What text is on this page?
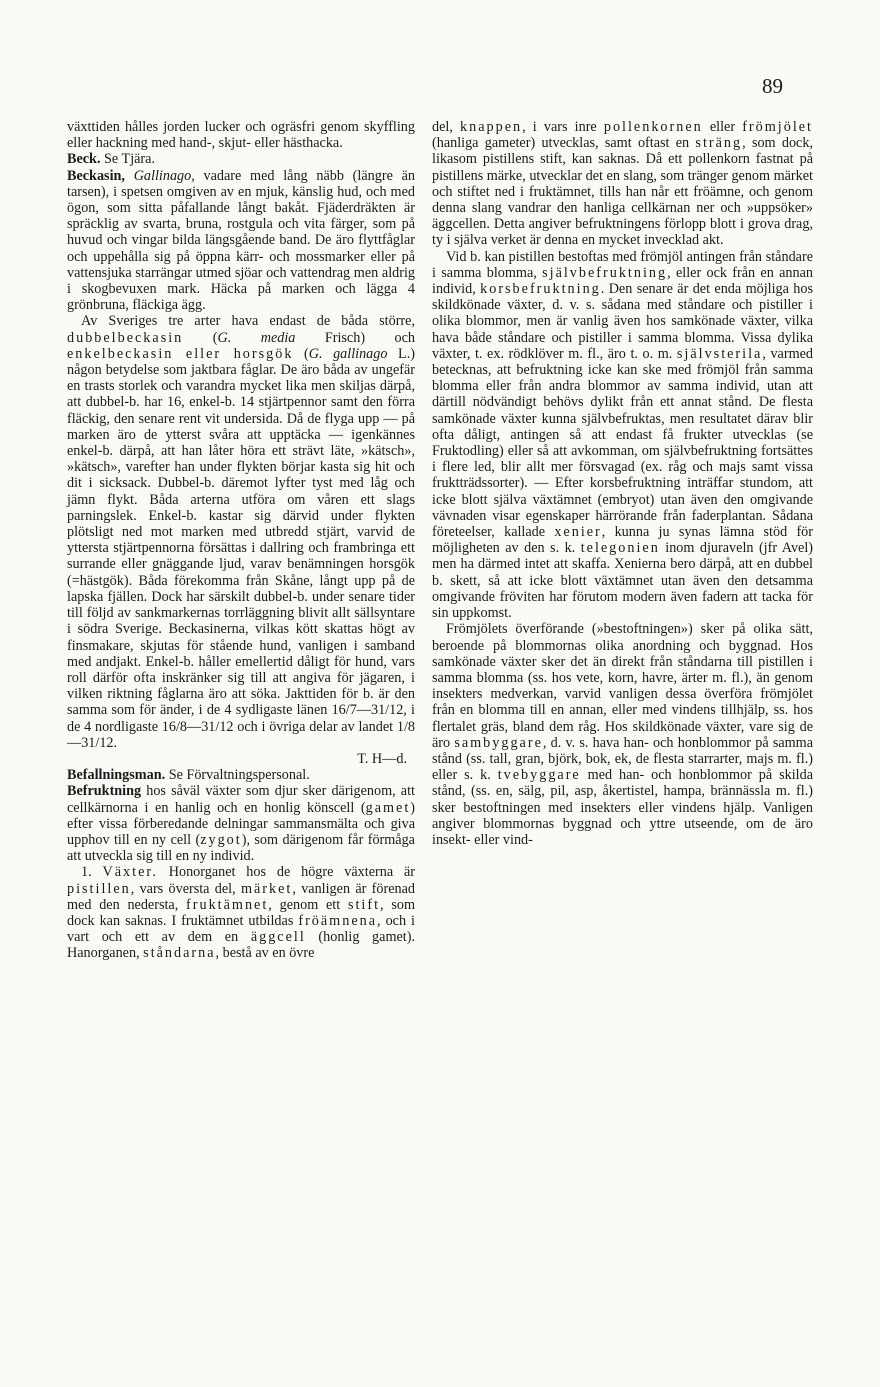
89

växttiden hålles jorden lucker och ogräsfri genom skyffling eller hackning med hand-, skjut- eller hästhacka.

Beck. Se Tjära.

Beckasin, Gallinago, vadare med lång näbb (längre än tarsen), i spetsen omgiven av en mjuk, känslig hud, och med ögon, som sitta påfallande långt bakåt. Fjäderdräkten är spräcklig av svarta, bruna, rostgula och vita färger, som på huvud och vingar bilda längsgående band. De äro flyttfåglar och uppehålla sig på öppna kärr- och mossmarker eller på vattensjuka starrängar utmed sjöar och vattendrag men aldrig i skogbevuxen mark. Häcka på marken och lägga 4 grönbruna, fläckiga ägg.

Av Sveriges tre arter hava endast de båda större, dubbelbeckasin (G. media Frisch) och enkelbeckasin eller horsgök (G. gallinago L.) någon betydelse som jaktbara fåglar. De äro båda av ungefär en trasts storlek och varandra mycket lika men skiljas därpå, att dubbel-b. har 16, enkel-b. 14 stjärtpennor samt den förra fläckig, den senare rent vit undersida. Då de flyga upp — på marken äro de ytterst svåra att upptäcka — igenkännes enkel-b. därpå, att han låter höra ett strävt läte, »kätsch», »kätsch», varefter han under flykten börjar kasta sig hit och dit i sicksack. Dubbel-b. däremot lyfter tyst med låg och jämn flykt. Båda arterna utföra om våren ett slags parningslek. Enkel-b. kastar sig därvid under flykten plötsligt ned mot marken med utbredd stjärt, varvid de yttersta stjärtpennorna försättas i dallring och frambringa ett surrande eller gnäggande ljud, varav benämningen horsgök (=hästgök). Båda förekomma från Skåne, långt upp på de lapska fjällen. Dock har särskilt dubbel-b. under senare tider till följd av sankmarkernas torrläggning blivit allt sällsyntare i södra Sverige. Beckasinerna, vilkas kött skattas högt av finsmakare, skjutas för stående hund, vanligen i samband med andjakt. Enkel-b. håller emellertid dåligt för hund, vars roll därför ofta inskränker sig till att angiva för jägaren, i vilken riktning fåglarna äro att söka. Jakttiden för b. är den samma som för änder, i de 4 sydligaste länen 16/7—31/12, i de 4 nordligaste 16/8—31/12 och i övriga delar av landet 1/8—31/12.

T. H—d.

Befallningsman. Se Förvaltningspersonal.

Befruktning hos såväl växter som djur sker därigenom, att cellkärnorna i en hanlig och en honlig könscell (gamet) efter vissa förberedande delningar sammansmälta och giva upphov till en ny cell (zygot), som därigenom får förmåga att utveckla sig till en ny individ.

1. Växter. Honorganet hos de högre växterna är pistillen, vars översta del, märket, vanligen är förenad med den nedersta, fruktämnet, genom ett stift, som dock kan saknas. I fruktämnet utbildas fröämnena, och i vart och ett av dem en äggcell (honlig gamet). Hanorganen, ståndarna, bestå av en övre

del, knappen, i vars inre pollenkornen eller frömjölet (hanliga gameter) utvecklas, samt oftast en sträng, som dock, likasom pistillens stift, kan saknas. Då ett pollenkorn fastnat på pistillens märke, utvecklar det en slang, som tränger genom märket och stiftet ned i fruktämnet, tills han når ett fröämne, och genom denna slang vandrar den hanliga cellkärnan ner och »uppsöker» äggcellen. Detta angiver befruktningens förlopp blott i grova drag, ty i själva verket är denna en mycket invecklad akt.

Vid b. kan pistillen bestoftas med frömjöl antingen från ståndare i samma blomma, självbefruktning, eller ock från en annan individ, korsbefruktning. Den senare är det enda möjliga hos skildkönade växter, d. v. s. sådana med ståndare och pistiller i olika blommor, men är vanlig även hos samkönade växter, vilka hava både ståndare och pistiller i samma blomma. Vissa dylika växter, t. ex. rödklöver m. fl., äro t. o. m. självsterila, varmed betecknas, att befruktning icke kan ske med frömjöl från samma blomma eller från andra blommor av samma individ, utan att därtill nödvändigt behövs dylikt från ett annat stånd. De flesta samkönade växter kunna självbefruktas, men resultatet därav blir ofta dåligt, antingen så att endast få frukter utvecklas (se Fruktodling) eller så att avkomman, om självbefruktning fortsättes i flere led, blir allt mer försvagad (ex. råg och majs samt vissa fruktträdssorter). — Efter korsbefruktning inträffar stundom, att icke blott själva växtämnet (embryot) utan även den omgivande vävnaden visar egenskaper härrörande från faderplantan. Sådana företeelser, kallade xenier, kunna ju synas lämna stöd för möjligheten av den s. k. telegonien inom djuraveln (jfr Avel) men ha därmed intet att skaffa. Xenierna bero därpå, att en dubbel b. skett, så att icke blott växtämnet utan även den detsamma omgivande fröviten har förutom modern även fadern att tacka för sin uppkomst.

Frömjölets överförande (»bestoftningen») sker på olika sätt, beroende på blommornas olika anordning och byggnad. Hos samkönade växter sker det än direkt från ståndarna till pistillen i samma blomma (ss. hos vete, korn, havre, ärter m. fl.), än genom insekters medverkan, varvid vanligen dessa överföra frömjölet från en blomma till en annan, eller med vindens tillhjälp, ss. hos flertalet gräs, bland dem råg. Hos skildkönade växter, vare sig de äro sambyggare, d. v. s. hava han- och honblommor på samma stånd (ss. tall, gran, björk, bok, ek, de flesta starrarter, majs m. fl.) eller s. k. tvebyggare med han- och honblommor på skilda stånd, (ss. en, sälg, pil, asp, åkertistel, hampa, brännässla m. fl.) sker bestoftningen med insekters eller vindens hjälp. Vanligen angiver blommornas byggnad och yttre utseende, om de äro insekt- eller vind-
